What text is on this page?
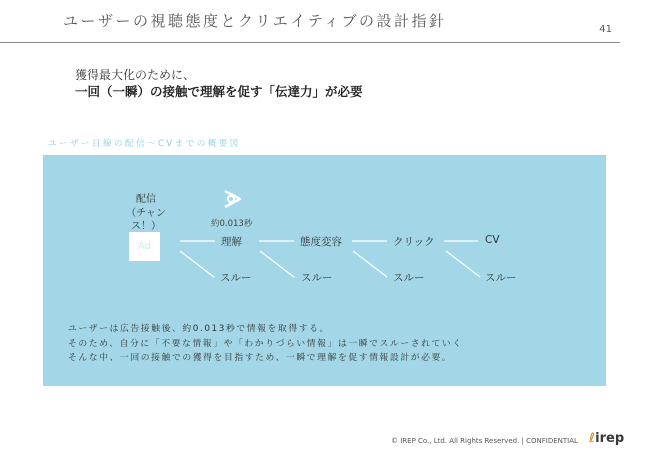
ユーザーの視聴態度とクリエイティブの設計指針	41
獲得最大化のために、
一回（一瞬）の接触で理解を促す「伝達力」が必要
ユーザー目線の配信～CVまでの概要図
配信
（チャンス！）
Ad
約0.013秒
理解	態度変容	クリック	CV
スルー	スルー	スルー	スルー
ユーザーは広告接触後、約0.013秒で情報を取得する。
そのため、自分に「不要な情報」や「わかりづらい情報」は一瞬でスルーされていく
そんな中、一回の接触での獲得を目指すため、一瞬で理解を促す情報設計が必要。
© IREP Co., Ltd. All Rights Reserved. | CONFIDENTIAL ℓirep
